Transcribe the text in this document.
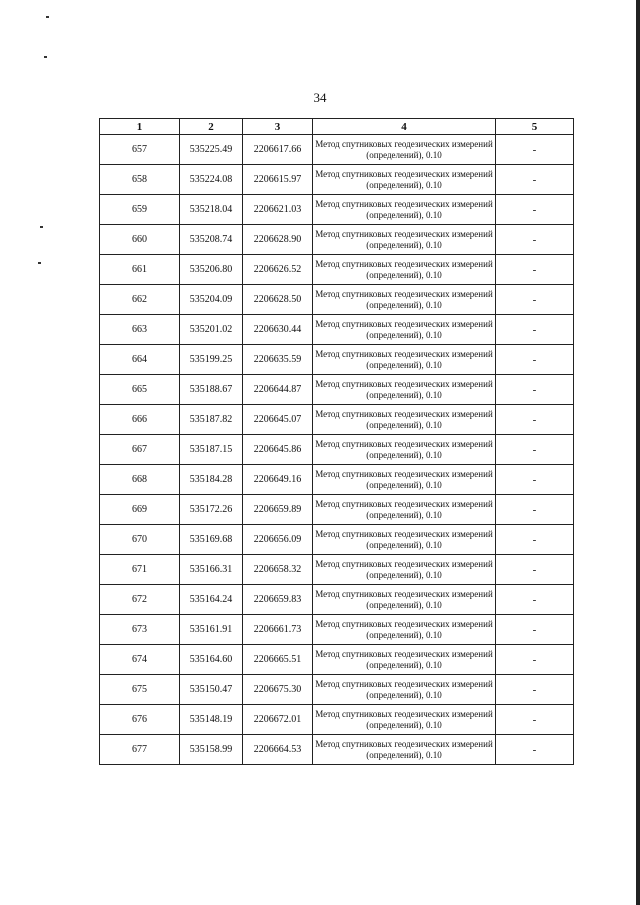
34
1	2	3	4	5
657	535225.49	2206617.66	Метод спутниковых геодезических измерений (определений), 0.10	-
658	535224.08	2206615.97	Метод спутниковых геодезических измерений (определений), 0.10	-
659	535218.04	2206621.03	Метод спутниковых геодезических измерений (определений), 0.10	-
660	535208.74	2206628.90	Метод спутниковых геодезических измерений (определений), 0.10	-
661	535206.80	2206626.52	Метод спутниковых геодезических измерений (определений), 0.10	-
662	535204.09	2206628.50	Метод спутниковых геодезических измерений (определений), 0.10	-
663	535201.02	2206630.44	Метод спутниковых геодезических измерений (определений), 0.10	-
664	535199.25	2206635.59	Метод спутниковых геодезических измерений (определений), 0.10	-
665	535188.67	2206644.87	Метод спутниковых геодезических измерений (определений), 0.10	-
666	535187.82	2206645.07	Метод спутниковых геодезических измерений (определений), 0.10	-
667	535187.15	2206645.86	Метод спутниковых геодезических измерений (определений), 0.10	-
668	535184.28	2206649.16	Метод спутниковых геодезических измерений (определений), 0.10	-
669	535172.26	2206659.89	Метод спутниковых геодезических измерений (определений), 0.10	-
670	535169.68	2206656.09	Метод спутниковых геодезических измерений (определений), 0.10	-
671	535166.31	2206658.32	Метод спутниковых геодезических измерений (определений), 0.10	-
672	535164.24	2206659.83	Метод спутниковых геодезических измерений (определений), 0.10	-
673	535161.91	2206661.73	Метод спутниковых геодезических измерений (определений), 0.10	-
674	535164.60	2206665.51	Метод спутниковых геодезических измерений (определений), 0.10	-
675	535150.47	2206675.30	Метод спутниковых геодезических измерений (определений), 0.10	-
676	535148.19	2206672.01	Метод спутниковых геодезических измерений (определений), 0.10	-
677	535158.99	2206664.53	Метод спутниковых геодезических измерений (определений), 0.10	-
